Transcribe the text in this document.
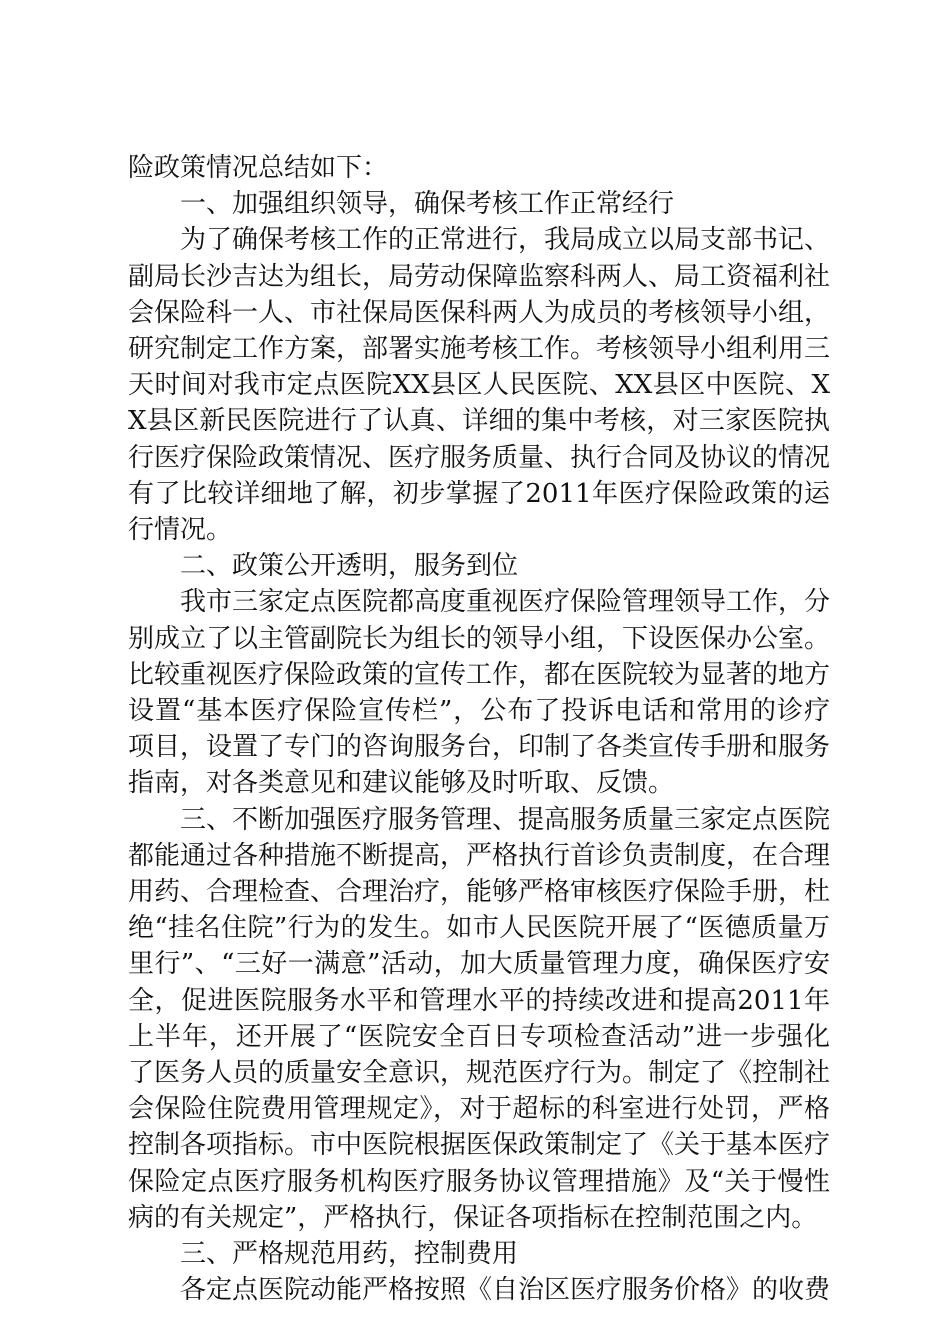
险政策情况总结如下：

一、加强组织领导，确保考核工作正常经行

为了确保考核工作的正常进行，我局成立以局支部书记、副局长沙吉达为组长，局劳动保障监察科两人、局工资福利社会保险科一人、市社保局医保科两人为成员的考核领导小组，研究制定工作方案，部署实施考核工作。考核领导小组利用三天时间对我市定点医院XX县区人民医院、XX县区中医院、XX县区新民医院进行了认真、详细的集中考核，对三家医院执行医疗保险政策情况、医疗服务质量、执行合同及协议的情况有了比较详细地了解，初步掌握了2011年医疗保险政策的运行情况。

二、政策公开透明，服务到位

我市三家定点医院都高度重视医疗保险管理领导工作，分别成立了以主管副院长为组长的领导小组，下设医保办公室。比较重视医疗保险政策的宣传工作，都在医院较为显著的地方设置“基本医疗保险宣传栏”，公布了投诉电话和常用的诊疗项目，设置了专门的咨询服务台，印制了各类宣传手册和服务指南，对各类意见和建议能够及时听取、反馈。

三、不断加强医疗服务管理、提高服务质量三家定点医院都能通过各种措施不断提高，严格执行首诊负责制度，在合理用药、合理检查、合理治疗，能够严格审核医疗保险手册，杜绝“挂名住院”行为的发生。如市人民医院开展了“医德质量万里行”、“三好一满意”活动，加大质量管理力度，确保医疗安全，促进医院服务水平和管理水平的持续改进和提高2011年上半年，还开展了“医院安全百日专项检查活动”进一步强化了医务人员的质量安全意识，规范医疗行为。制定了《控制社会保险住院费用管理规定》，对于超标的科室进行处罚，严格控制各项指标。市中医院根据医保政策制定了《关于基本医疗保险定点医疗服务机构医疗服务协议管理措施》及“关于慢性病的有关规定”，严格执行，保证各项指标在控制范围之内。

三、严格规范用药，控制费用

各定点医院动能严格按照《自治区医疗服务价格》的收费
